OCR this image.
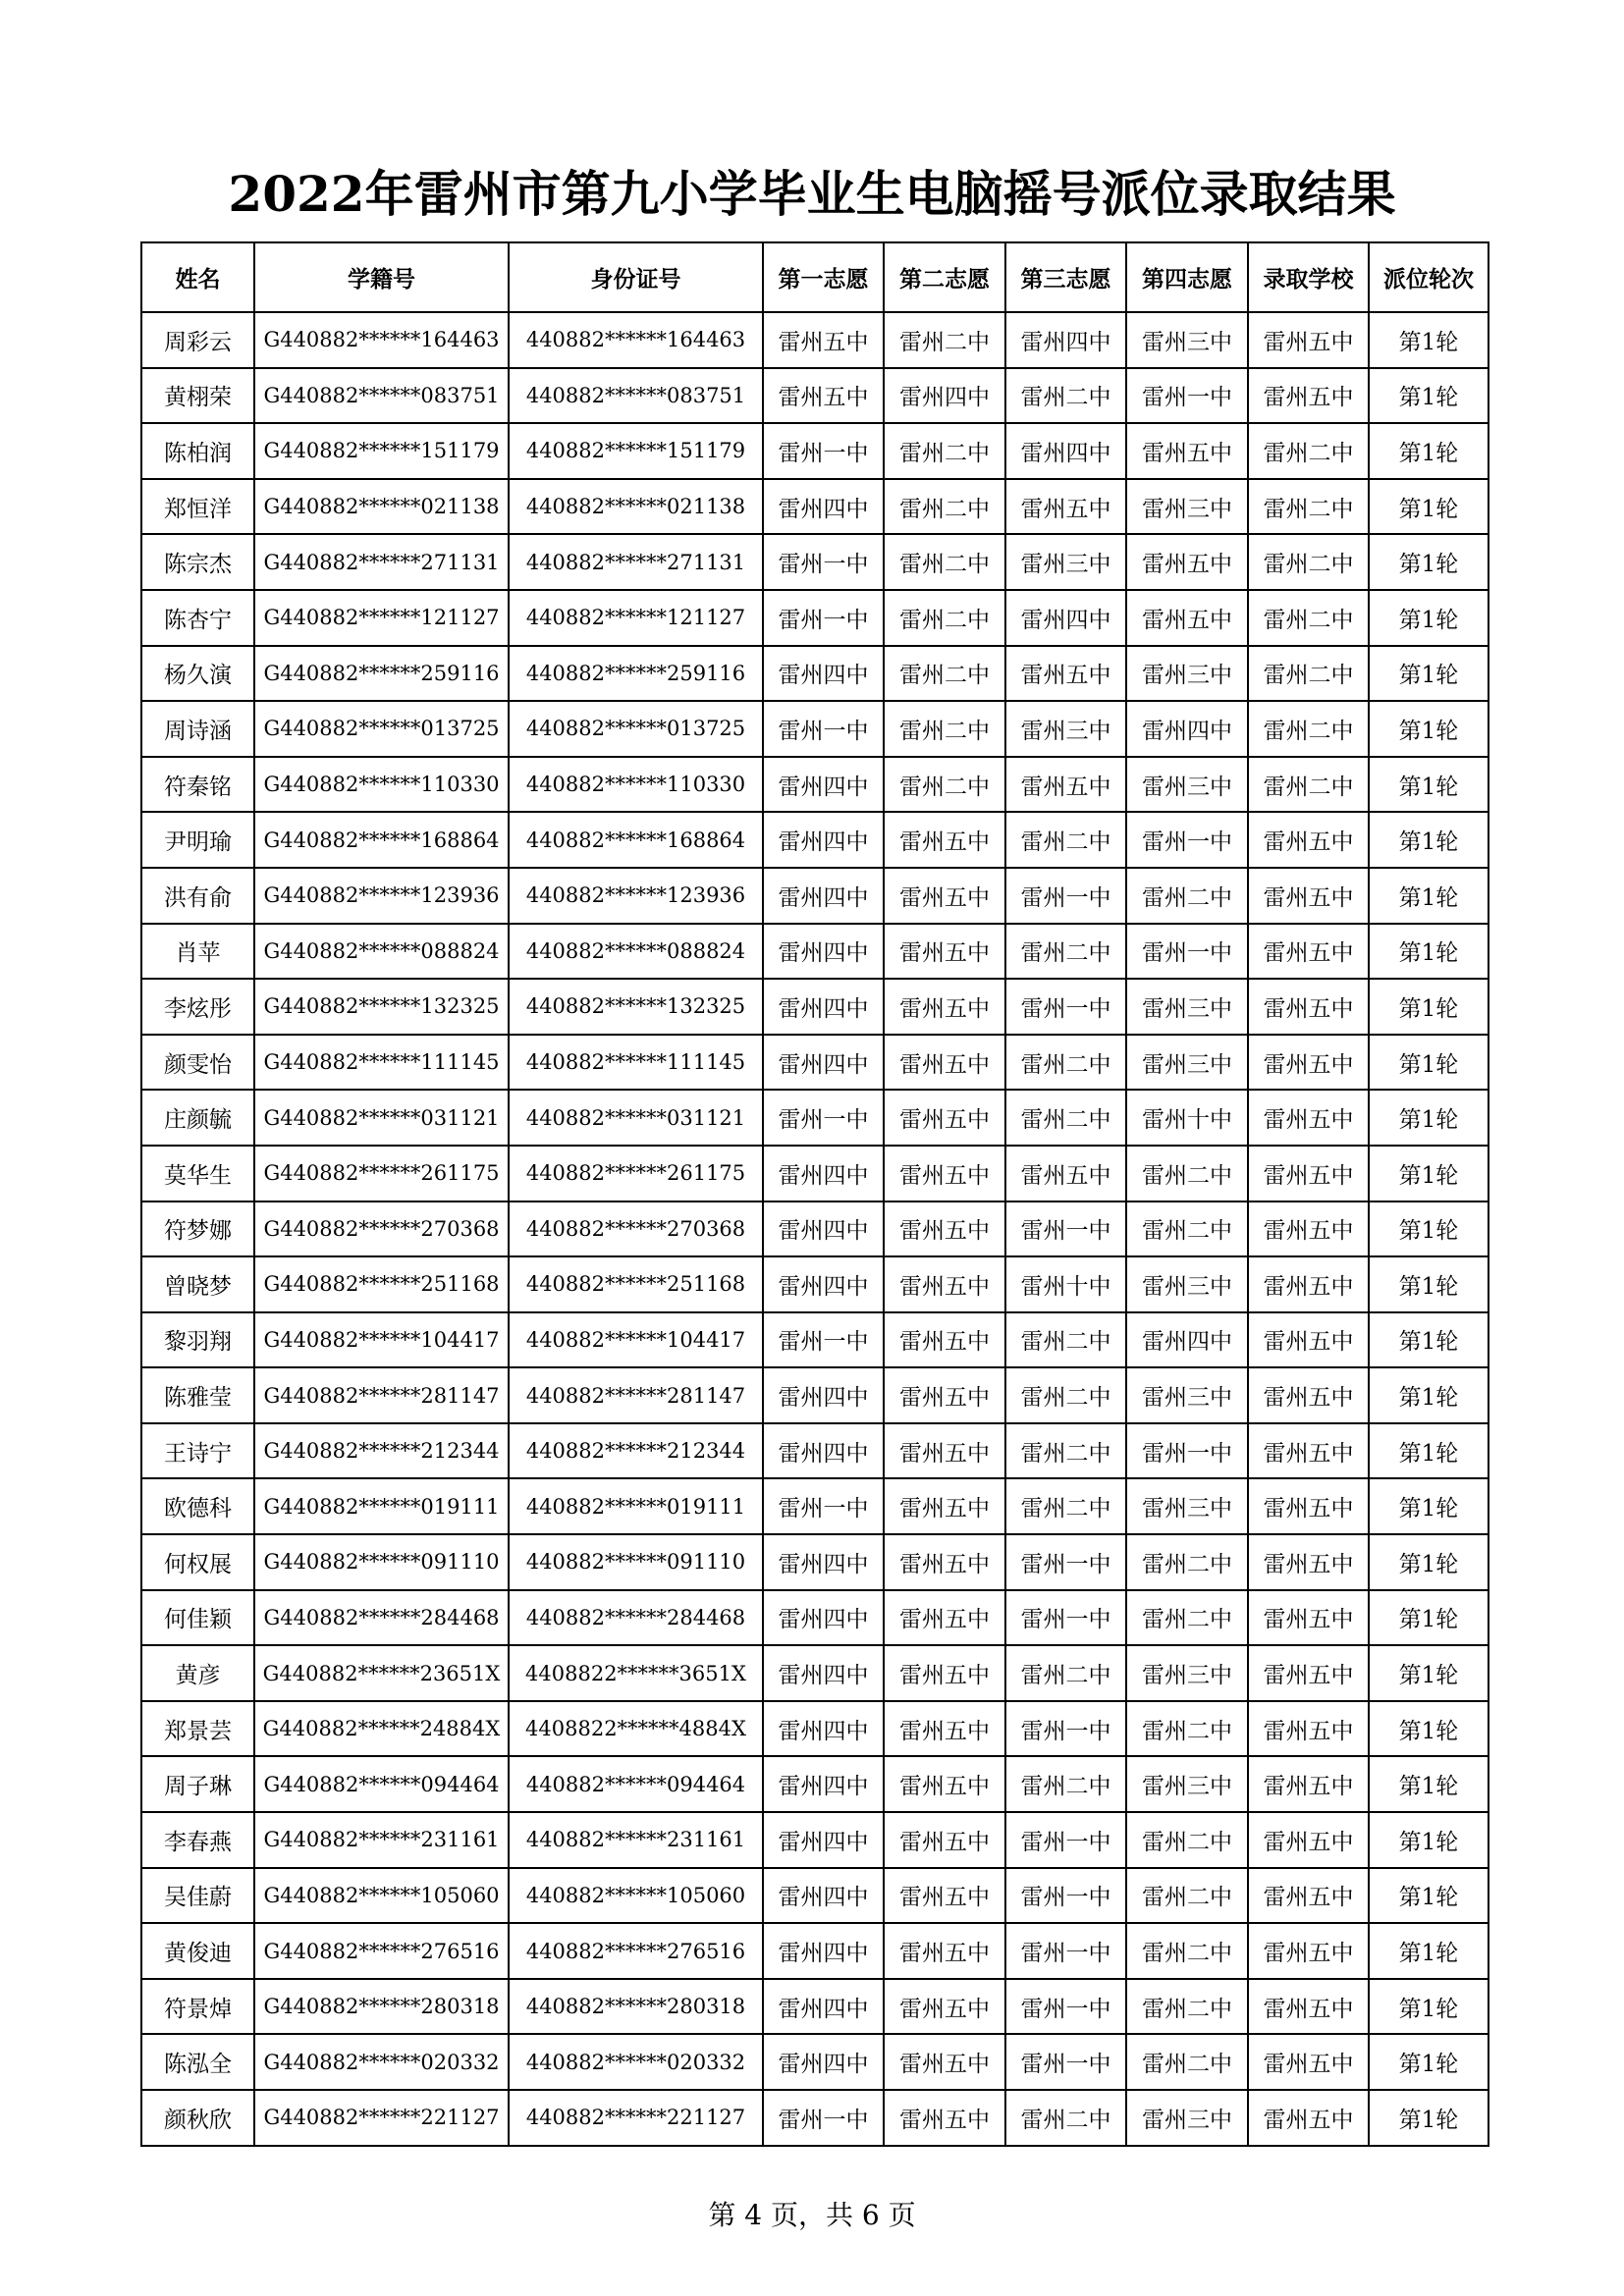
2022年雷州市第九小学毕业生电脑摇号派位录取结果
姓名	学籍号	身份证号	第一志愿	第二志愿	第三志愿	第四志愿	录取学校	派位轮次
周彩云	G440882******164463	440882******164463	雷州五中	雷州二中	雷州四中	雷州三中	雷州五中	第1轮
黄栩荣	G440882******083751	440882******083751	雷州五中	雷州四中	雷州二中	雷州一中	雷州五中	第1轮
陈柏润	G440882******151179	440882******151179	雷州一中	雷州二中	雷州四中	雷州五中	雷州二中	第1轮
郑恒洋	G440882******021138	440882******021138	雷州四中	雷州二中	雷州五中	雷州三中	雷州二中	第1轮
陈宗杰	G440882******271131	440882******271131	雷州一中	雷州二中	雷州三中	雷州五中	雷州二中	第1轮
陈杏宁	G440882******121127	440882******121127	雷州一中	雷州二中	雷州四中	雷州五中	雷州二中	第1轮
杨久演	G440882******259116	440882******259116	雷州四中	雷州二中	雷州五中	雷州三中	雷州二中	第1轮
周诗涵	G440882******013725	440882******013725	雷州一中	雷州二中	雷州三中	雷州四中	雷州二中	第1轮
符秦铭	G440882******110330	440882******110330	雷州四中	雷州二中	雷州五中	雷州三中	雷州二中	第1轮
尹明瑜	G440882******168864	440882******168864	雷州四中	雷州五中	雷州二中	雷州一中	雷州五中	第1轮
洪有俞	G440882******123936	440882******123936	雷州四中	雷州五中	雷州一中	雷州二中	雷州五中	第1轮
肖苹	G440882******088824	440882******088824	雷州四中	雷州五中	雷州二中	雷州一中	雷州五中	第1轮
李炫彤	G440882******132325	440882******132325	雷州四中	雷州五中	雷州一中	雷州三中	雷州五中	第1轮
颜雯怡	G440882******111145	440882******111145	雷州四中	雷州五中	雷州二中	雷州三中	雷州五中	第1轮
庄颜毓	G440882******031121	440882******031121	雷州一中	雷州五中	雷州二中	雷州十中	雷州五中	第1轮
莫华生	G440882******261175	440882******261175	雷州四中	雷州五中	雷州五中	雷州二中	雷州五中	第1轮
符梦娜	G440882******270368	440882******270368	雷州四中	雷州五中	雷州一中	雷州二中	雷州五中	第1轮
曾晓梦	G440882******251168	440882******251168	雷州四中	雷州五中	雷州十中	雷州三中	雷州五中	第1轮
黎羽翔	G440882******104417	440882******104417	雷州一中	雷州五中	雷州二中	雷州四中	雷州五中	第1轮
陈雅莹	G440882******281147	440882******281147	雷州四中	雷州五中	雷州二中	雷州三中	雷州五中	第1轮
王诗宁	G440882******212344	440882******212344	雷州四中	雷州五中	雷州二中	雷州一中	雷州五中	第1轮
欧德科	G440882******019111	440882******019111	雷州一中	雷州五中	雷州二中	雷州三中	雷州五中	第1轮
何权展	G440882******091110	440882******091110	雷州四中	雷州五中	雷州一中	雷州二中	雷州五中	第1轮
何佳颖	G440882******284468	440882******284468	雷州四中	雷州五中	雷州一中	雷州二中	雷州五中	第1轮
黄彦	G440882******23651X	4408822******3651X	雷州四中	雷州五中	雷州二中	雷州三中	雷州五中	第1轮
郑景芸	G440882******24884X	4408822******4884X	雷州四中	雷州五中	雷州一中	雷州二中	雷州五中	第1轮
周子琳	G440882******094464	440882******094464	雷州四中	雷州五中	雷州二中	雷州三中	雷州五中	第1轮
李春燕	G440882******231161	440882******231161	雷州四中	雷州五中	雷州一中	雷州二中	雷州五中	第1轮
吴佳蔚	G440882******105060	440882******105060	雷州四中	雷州五中	雷州一中	雷州二中	雷州五中	第1轮
黄俊迪	G440882******276516	440882******276516	雷州四中	雷州五中	雷州一中	雷州二中	雷州五中	第1轮
符景焯	G440882******280318	440882******280318	雷州四中	雷州五中	雷州一中	雷州二中	雷州五中	第1轮
陈泓全	G440882******020332	440882******020332	雷州四中	雷州五中	雷州一中	雷州二中	雷州五中	第1轮
颜秋欣	G440882******221127	440882******221127	雷州一中	雷州五中	雷州二中	雷州三中	雷州五中	第1轮
第 4 页，共 6 页
